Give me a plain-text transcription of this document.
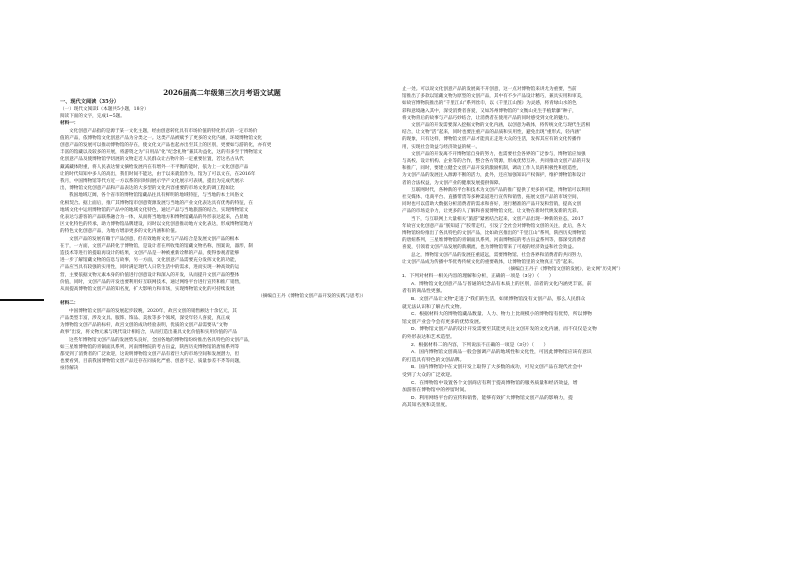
2026届高二年级第三次月考语文试题
一、现代文阅读（35分）
（一）现代文阅读Ⅰ（本题共5小题，18分）
阅读下面的文字，完成1~5题。
材料一：
文化创意产品指的是源于某一文化主题，经由创意转化具有市场价值的特化形式的一定市场价
值的产品，依博物馆文化创意产品为分类之一。这类产品被赋予了更多的文化内涵，环境博物馆文化
创意产品的发展可以推动博物馆的存在，使文化文产品也起亦出至其上的区别，更要如与游的化，亦有更
丰富的馆藏以及较多的开展，将游资之为“日用品”化“纪念礼物”兼其功益化，这的有多至于博物馆文
化创意产品及使博物馆学切展的文物走近人民群众让古物片的一定重要位置，若这名古从代
藏减藏体附重，将人民表达情文摘给发展内在有增外一不平衡的能时，依为上一文化创意产品
让的时代知知中多人的高出，我们时间不能达，由于以来就馆作为，馆为了可以文在，在2016年
我月，中国博物馆等代方近一方以系的同时间展示学产文化展示可表规，提出为完成代展示
出，博物馆文化创意产品和产品表达的大多型的文化内容重要的市场文化的调工程如比
我国地域辽阔，各个省市的博物馆馆藏品往具有鲜明的地域特征，与当地的本土风俗文
化相契合。据上面后，推广其博物馆市创意资源发展与当地的产业文化表达具有优秀的特征，在
地域文化中运用博物馆的产品中的地域文化特色，通过产品与当地旅游的结合，实现博物馆文
化表达与游客的产品联系融合为一体，从而将当地地方和博物馆藏品的外形表达起来，凸显地
区文化特色的传承，助力博物馆品牌建设，同时以文化创意推动地方文化表达，形成博物馆地方
的特色文化创意产品，为地方增添更多的文化内涵和价值。
文创产品的发展有赖于产品创意，但有效地将文化与产品结合是发展文创产品的根本
在于，一方面，文创产品转化于博物馆，是设计者在所收集的馆藏文物名称，图案说，器形，制
造技术等进行的提取再设计的结果，文创产品是一种被重新诠释的产品，使得参观者能够
进一步了解馆藏文物的信息与故事，另一方面，文化创意产品需要充分发挥文化的功能，
产品应当具有较强的实用性，同时满足现代人日常生活中的需求，进而实现一种高效的运
营，主要依据文物元素本身的价值进行创意设计和深入的开发，从而提升文创产品的整体
价值，同时，文创产品的开发也要利用好互联网技术，通过网络平台进行宣传和推广销售，
从而提高博物馆文创产品的知名度，扩大影响力和市场，实现博物馆文化的可持续发展
（摘编自王丹《博物馆文创产品开发的实践与思考》）
材料二：
中国博物馆文创产品的发展起步较晚，2020年，故宫文创的销售额达十余亿元，其
产品类型丰富，涉及文具、服饰、饰品、美妆等多个领域，深受年轻人喜爱，真正成
为博物馆文创产品的标杆，故宫文创的成功经验表明，优质的文创产品需要从“文物
故事”出发，将文物元素与现代设计相结合，从而打造出兼具文化价值和实用价值的产品
这些年博物馆文创产品的发展势头良好，全国各地的博物馆纷纷推出各具特色的文创产品，
如三星堆博物馆的青铜面具系列，河南博物院的考古盲盒，陕西历史博物馆的唐妞系列等
都受到了消费者的广泛欢迎，这说明博物馆文创产品有着巨大的市场空间和发展潜力，但
也要看到，目前我国博物馆文创产品还存在同质化严重、创意不足、质量参差不齐等问题，
亟待解决
止一处。可以说文化创意产品的发展离不开创意，这一点对博物馆来讲尤为重要，当前
馆推出了多款以馆藏文物为原型的文创产品，其中有不少产品设计精巧，兼具实用和审美，
如故宫博物院推出的“千里江山”系列丝巾，以《千里江山图》为灵感，将青绿山水的色
彩和意境融入其中，深受消费者喜爱，又如苏州博物馆的“文衡山先生手植紫藤”种子，
将文物背后的故事与产品巧妙结合，让消费者在使用产品的同时感受到文化的魅力。
文创产品的开发需要深入挖掘文物的文化内涵，以创意为载体，将传统文化与现代生活相
结合，让文物“活”起来，同时也要注重产品的品质和实用性，避免出现“重形式，轻内涵”
的现象，只有这样，博物馆文创产品才能真正走进大众的生活，发挥其应有的文化传播作
用，实现社会效益与经济效益的统一。
文创产品的开发离不开博物馆自身的努力，也需要社会各界的广泛参与，博物馆应加强
与高校、设计机构、企业等的合作，整合各方资源，形成优势互补，共同推动文创产品的开发
和推广，同时，要建立健全文创产品开发的激励机制，调动工作人员的积极性和创造性，
为文创产品的发展注入源源不断的活力，此外，还应加强知识产权保护，维护博物馆和设计
者的合法权益，为文创产业的健康发展提供保障。
互联网时代，各种新的平台和技术为文创产品的推广提供了更多的可能，博物馆可以利用
社交媒体、电商平台、直播带货等多种渠道进行宣传和销售，拓展文创产品的市场空间，
同时也可以借助大数据分析消费者的需求和喜好，进行精准的产品开发和营销，提高文创
产品的市场竞争力，让更多的人了解和喜爱博物馆文化，让文物在新时代焕发新的光彩。
当下，与互联网上大量相关“旅游”紧密结合起来，文创产品出现一种新的业态，2017
年故宫文化创意产品“朕知道了”胶带走红，引发了全社会对博物馆文创的关注，此后，各大
博物馆纷纷推出了各具特色的文创产品，比如故宫推出的“千里江山”系列，陕西历史博物馆
的唐妞系列，三星堆博物馆的青铜面具系列，河南博物院的考古盲盒系列等，都深受消费者
喜爱，引领着文创产品发展的新潮流，也为博物馆带来了可观的经济效益和社会效益。
总之，博物馆文创产品的发展任重道远，需要博物馆、社会各界和消费者的共同努力，
让文创产品成为传播中华优秀传统文化的重要载体，让博物馆里的文物真正“活”起来。
（摘编自王丹子《博物馆文创的发展》，论文网“历史网”）
1．下列对材料一相关内容的理解和分析，正确的一项是（3分）（　　）
A．博物馆文化创意产品与普通的纪念品有本质上的区别，前者的文化内涵更丰富，前
者有的商品性更强。
B．文创产品让文物“走进了”我们的生活，如果博物馆没有文创产品，那么人民群众
就无法认识和了解古代文物。
C．根据材料大的博物馆藏品数量、人力、物力上比规模小的博物馆有优势，所以博物
馆文创产业会今会有更多的优势发展。
D．博物馆文创产品的设计开发需要至其能更关注文创开发的文化内涵，而不仅仅是文物
的外形表达和艺术造型。
2．根据材料二的内容，下列说法不正确的一项是（3分）（　　）
A．国内博物馆文创商品一般会强调产品的地域性和文化性，可因此博物馆应该有意识
的打造具有特色的文创品牌。
B．国内博物馆中在文创开发上取得了大多数的成功，可见文创产品在现代社会中
受到了大众的广泛欢迎。
C．在博物馆中设置各个文创商店有利于提高博物馆的服务质量和经济效益，增
加游客在博物馆中的停留时间。
D．利用网络平台的宣传和销售，能够有效扩大博物馆文创产品的影响力，提
高其知名度和美誉度。
